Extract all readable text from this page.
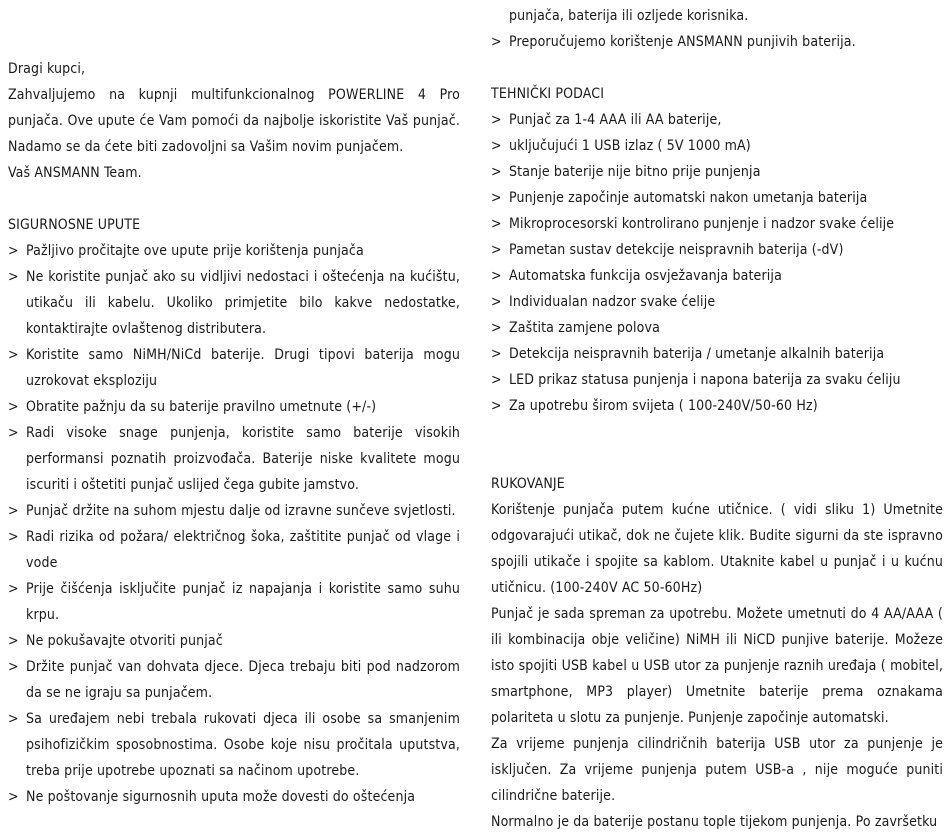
Dragi kupci,

Zahvaljujemo na kupnji multifunkcionalnog POWERLINE 4 Pro punjača. Ove upute će Vam pomoći da najbolje iskoristite Vaš punjač. Nadamo se da ćete biti zadovoljni sa Vašim novim punjačem.

Vaš ANSMANN Team.

SIGURNOSNE UPUTE

> Pažljivo pročitajte ove upute prije korištenja punjača
> Ne koristite punjač ako su vidljivi nedostaci i oštećenja na kućištu, utikaču ili kabelu. Ukoliko primjetite bilo kakve nedostatke, kontaktirajte ovlaštenog distributera.
> Koristite samo NiMH/NiCd baterije. Drugi tipovi baterija mogu uzrokovat eksploziju
> Obratite pažnju da su baterije pravilno umetnute (+/-)
> Radi visoke snage punjenja, koristite samo baterije visokih performansi poznatih proizvođača. Baterije niske kvalitete mogu iscuriti i oštetiti punjač uslijed čega gubite jamstvo.
> Punjač držite na suhom mjestu dalje od izravne sunčeve svjetlosti.
> Radi rizika od požara/ električnog šoka, zaštitite punjač od vlage i vode
> Prije čišćenja isključite punjač iz napajanja i koristite samo suhu krpu.
> Ne pokušavajte otvoriti punjač
> Držite punjač van dohvata djece. Djeca trebaju biti pod nadzorom da se ne igraju sa punjačem.
> Sa uređajem nebi trebala rukovati djeca ili osobe sa smanjenim psihofizičkim sposobnostima. Osobe koje nisu pročitala uputstva, treba prije upotrebe upoznati sa načinom upotrebe.
> Ne poštovanje sigurnosnih uputa može dovesti do oštećenja

punjača, baterija ili ozljede korisnika.

> Preporučujemo korištenje ANSMANN punjivih baterija.

TEHNIČKI PODACI

> Punjač za 1-4 AAA ili AA baterije,
> uključujući 1 USB izlaz ( 5V 1000 mA)
> Stanje baterije nije bitno prije punjenja
> Punjenje započinje automatski nakon umetanja baterija
> Mikroprocesorski kontrolirano punjenje i nadzor svake ćelije
> Pametan sustav detekcije neispravnih baterija (-dV)
> Automatska funkcija osvježavanja baterija
> Individualan nadzor svake ćelije
> Zaštita zamjene polova
> Detekcija neispravnih baterija / umetanje alkalnih baterija
> LED prikaz statusa punjenja i napona baterija za svaku ćeliju
> Za upotrebu širom svijeta ( 100-240V/50-60 Hz)

RUKOVANJE

Korištenje punjača putem kućne utičnice. ( vidi sliku 1) Umetnite odgovarajući utikač, dok ne čujete klik. Budite sigurni da ste ispravno spojili utikače i spojite sa kablom. Utaknite kabel u punjač i u kućnu utičnicu. (100-240V AC 50-60Hz)

Punjač je sada spreman za upotrebu. Možete umetnuti do 4 AA/AAA ( ili kombinacija obje veličine) NiMH ili NiCD punjive baterije. Možeze isto spojiti USB kabel u USB utor za punjenje raznih uređaja ( mobitel, smartphone, MP3 player) Umetnite baterije prema oznakama polariteta u slotu za punjenje. Punjenje započinje automatski.

Za vrijeme punjenja cilindričnih baterija USB utor za punjenje je isključen. Za vrijeme punjenja putem USB-a , nije moguće puniti cilindrične baterije.

Normalno je da baterije postanu tople tijekom punjenja. Po završetku
